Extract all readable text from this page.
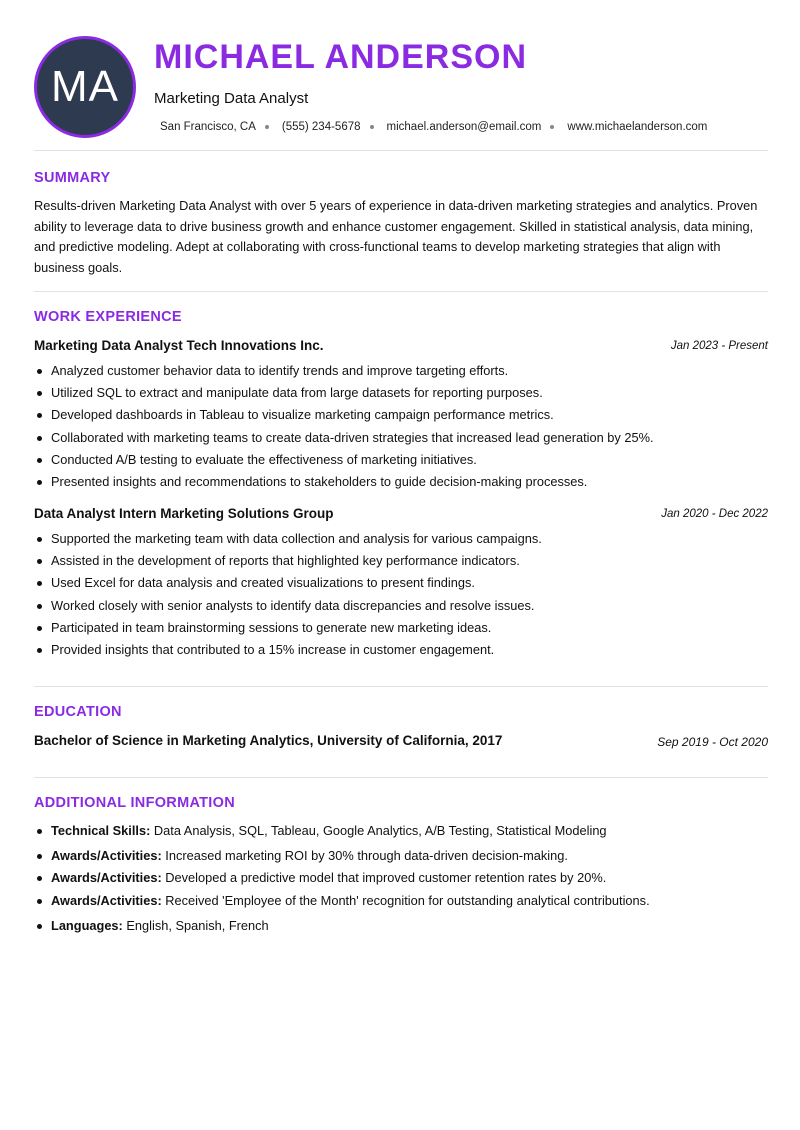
MA
MICHAEL ANDERSON
Marketing Data Analyst
San Francisco, CA (555) 234-5678 michael.anderson@email.com www.michaelanderson.com
SUMMARY

Results-driven Marketing Data Analyst with over 5 years of experience in data-driven marketing strategies and analytics. Proven ability to leverage data to drive business growth and enhance customer engagement. Skilled in statistical analysis, data mining, and predictive modeling. Adept at collaborating with cross-functional teams to develop marketing strategies that align with business goals.

WORK EXPERIENCE
Marketing Data Analyst Tech Innovations Inc.	Jan 2023 - Present
Analyzed customer behavior data to identify trends and improve targeting efforts.
Utilized SQL to extract and manipulate data from large datasets for reporting purposes.
Developed dashboards in Tableau to visualize marketing campaign performance metrics.
Collaborated with marketing teams to create data-driven strategies that increased lead generation by 25%.
Conducted A/B testing to evaluate the effectiveness of marketing initiatives.
Presented insights and recommendations to stakeholders to guide decision-making processes.
Data Analyst Intern Marketing Solutions Group	Jan 2020 - Dec 2022
Supported the marketing team with data collection and analysis for various campaigns.
Assisted in the development of reports that highlighted key performance indicators.
Used Excel for data analysis and created visualizations to present findings.
Worked closely with senior analysts to identify data discrepancies and resolve issues.
Participated in team brainstorming sessions to generate new marketing ideas.
Provided insights that contributed to a 15% increase in customer engagement.
EDUCATION
Bachelor of Science in Marketing Analytics, University of California, 2017	Sep 2019 - Oct 2020
ADDITIONAL INFORMATION
Technical Skills: Data Analysis, SQL, Tableau, Google Analytics, A/B Testing, Statistical Modeling
Awards/Activities: Increased marketing ROI by 30% through data-driven decision-making.
Awards/Activities: Developed a predictive model that improved customer retention rates by 20%.
Awards/Activities: Received 'Employee of the Month' recognition for outstanding analytical contributions.
Languages: English, Spanish, French
